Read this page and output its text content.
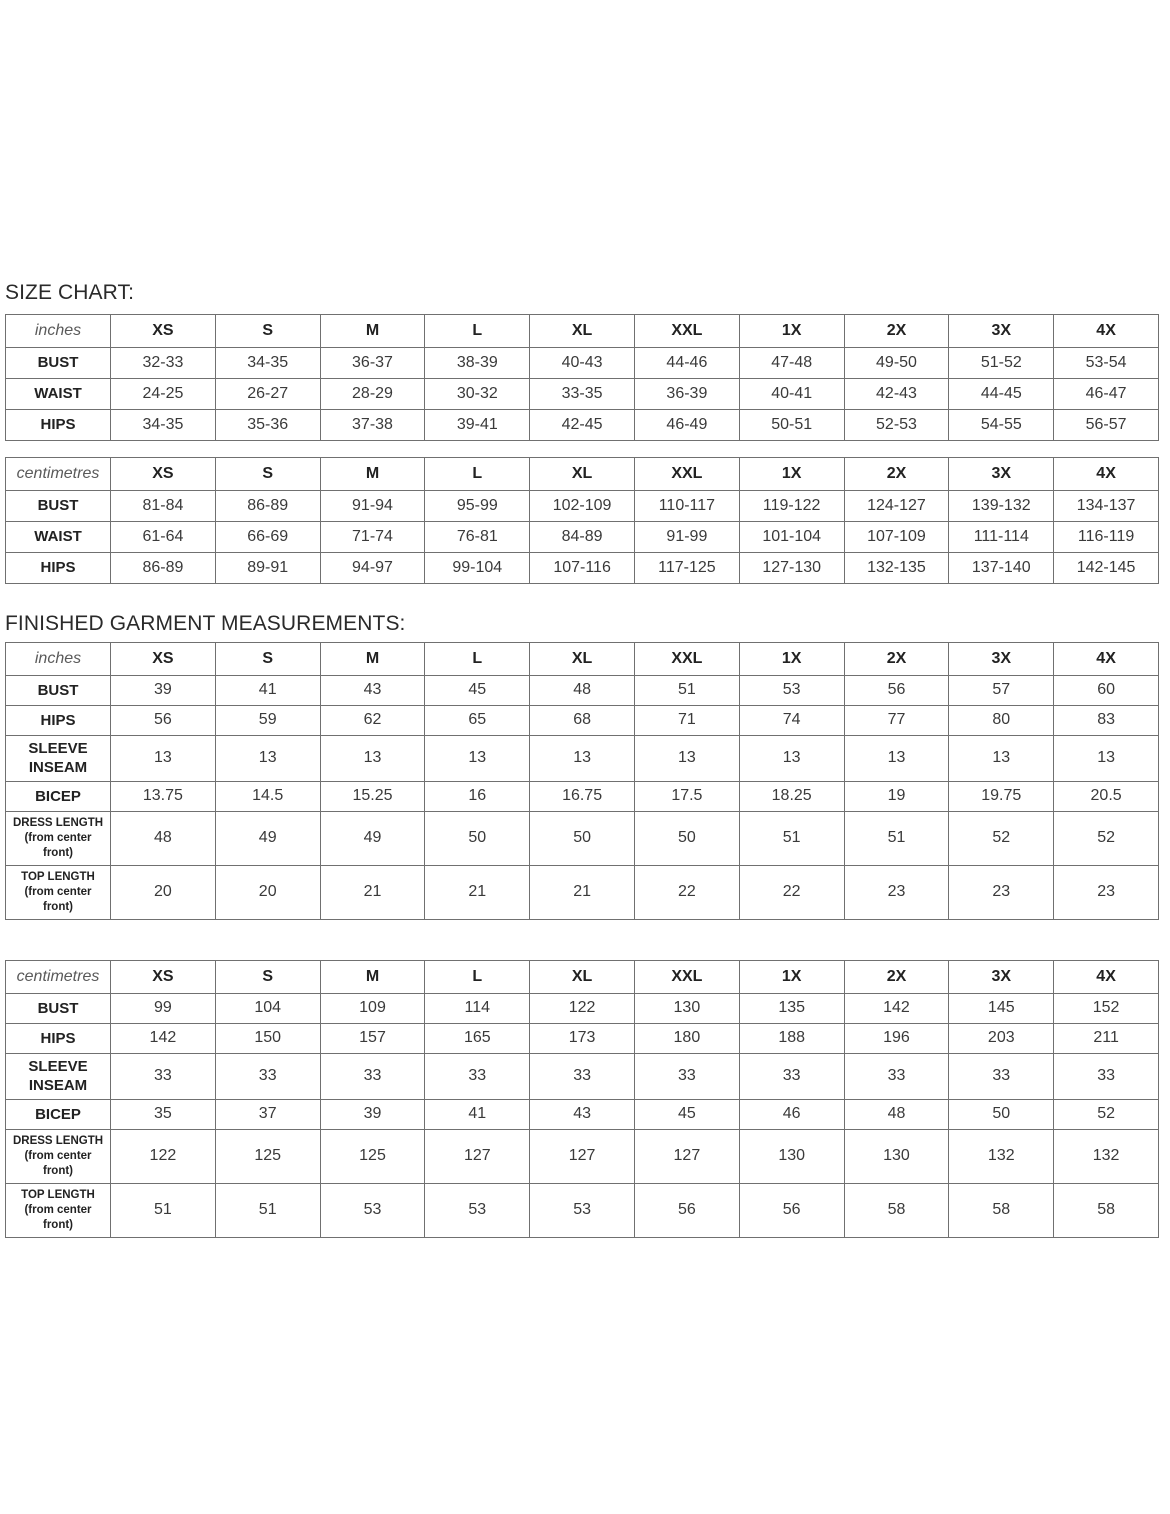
SIZE CHART:
inches	XS	S	M	L	XL	XXL	1X	2X	3X	4X
BUST	32-33	34-35	36-37	38-39	40-43	44-46	47-48	49-50	51-52	53-54
WAIST	24-25	26-27	28-29	30-32	33-35	36-39	40-41	42-43	44-45	46-47
HIPS	34-35	35-36	37-38	39-41	42-45	46-49	50-51	52-53	54-55	56-57
centimetres	XS	S	M	L	XL	XXL	1X	2X	3X	4X
BUST	81-84	86-89	91-94	95-99	102-109	110-117	119-122	124-127	139-132	134-137
WAIST	61-64	66-69	71-74	76-81	84-89	91-99	101-104	107-109	111-114	116-119
HIPS	86-89	89-91	94-97	99-104	107-116	117-125	127-130	132-135	137-140	142-145
FINISHED GARMENT MEASUREMENTS:
inches	XS	S	M	L	XL	XXL	1X	2X	3X	4X
BUST	39	41	43	45	48	51	53	56	57	60
HIPS	56	59	62	65	68	71	74	77	80	83
SLEEVE INSEAM	13	13	13	13	13	13	13	13	13	13
BICEP	13.75	14.5	15.25	16	16.75	17.5	18.25	19	19.75	20.5
DRESS LENGTH (from center front)	48	49	49	50	50	50	51	51	52	52
TOP LENGTH (from center front)	20	20	21	21	21	22	22	23	23	23
centimetres	XS	S	M	L	XL	XXL	1X	2X	3X	4X
BUST	99	104	109	114	122	130	135	142	145	152
HIPS	142	150	157	165	173	180	188	196	203	211
SLEEVE INSEAM	33	33	33	33	33	33	33	33	33	33
BICEP	35	37	39	41	43	45	46	48	50	52
DRESS LENGTH (from center front)	122	125	125	127	127	127	130	130	132	132
TOP LENGTH (from center front)	51	51	53	53	53	56	56	58	58	58
